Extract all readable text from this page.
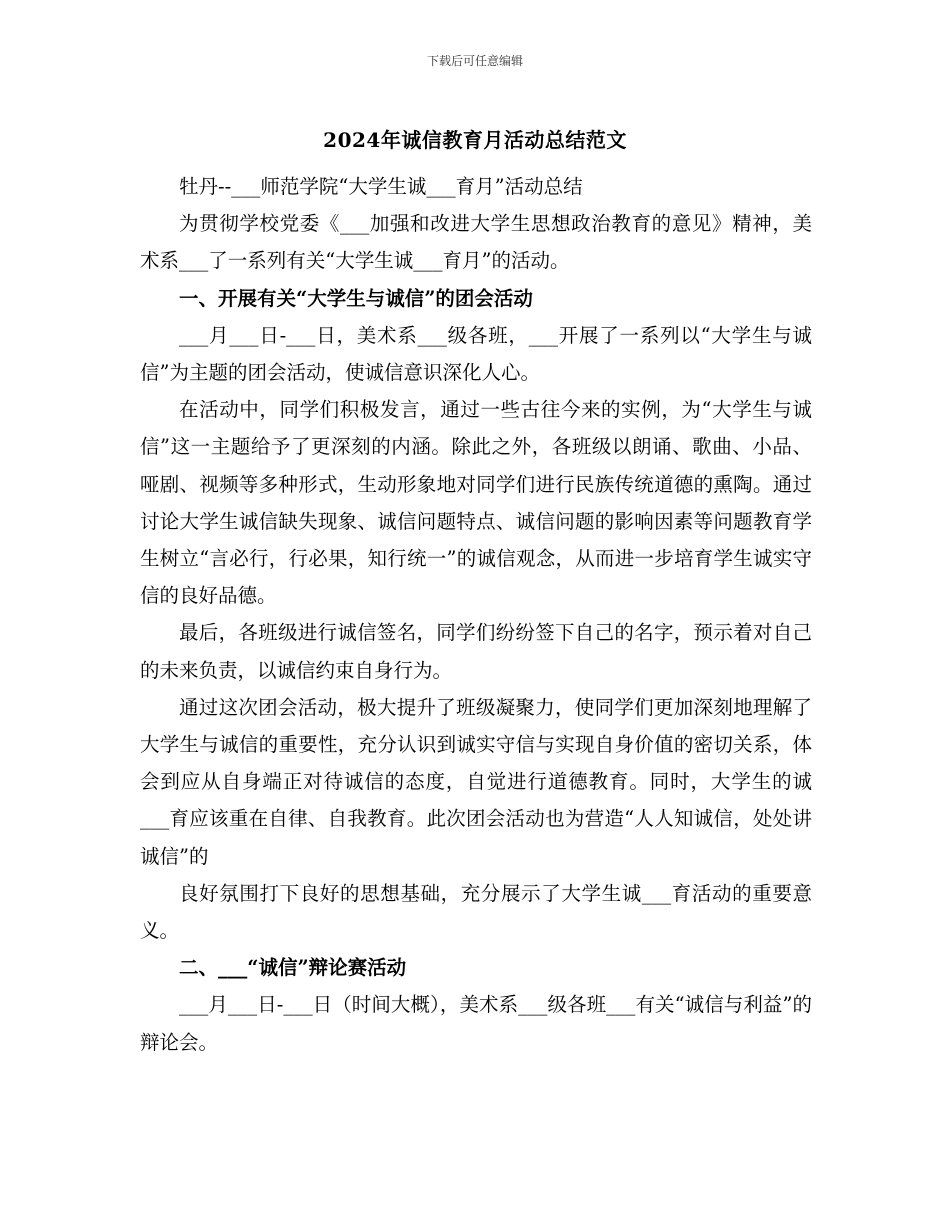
下载后可任意编辑
2024年诚信教育月活动总结范文

牡丹--___师范学院“大学生诚___育月”活动总结

为贯彻学校党委《___加强和改进大学生思想政治教育的意见》精神，美术系___了一系列有关“大学生诚___育月”的活动。

一、开展有关“大学生与诚信”的团会活动

___月___日-___日，美术系___级各班，___开展了一系列以“大学生与诚信”为主题的团会活动，使诚信意识深化人心。

在活动中，同学们积极发言，通过一些古往今来的实例，为“大学生与诚信”这一主题给予了更深刻的内涵。除此之外，各班级以朗诵、歌曲、小品、哑剧、视频等多种形式，生动形象地对同学们进行民族传统道德的熏陶。通过讨论大学生诚信缺失现象、诚信问题特点、诚信问题的影响因素等问题教育学生树立“言必行，行必果，知行统一”的诚信观念，从而进一步培育学生诚实守信的良好品德。

最后，各班级进行诚信签名，同学们纷纷签下自己的名字，预示着对自己的未来负责，以诚信约束自身行为。

通过这次团会活动，极大提升了班级凝聚力，使同学们更加深刻地理解了大学生与诚信的重要性，充分认识到诚实守信与实现自身价值的密切关系，体会到应从自身端正对待诚信的态度，自觉进行道德教育。同时，大学生的诚___育应该重在自律、自我教育。此次团会活动也为营造“人人知诚信，处处讲诚信”的

良好氛围打下良好的思想基础，充分展示了大学生诚___育活动的重要意义。

二、___“诚信”辩论赛活动

___月___日-___日（时间大概），美术系___级各班___有关“诚信与利益”的辩论会。
